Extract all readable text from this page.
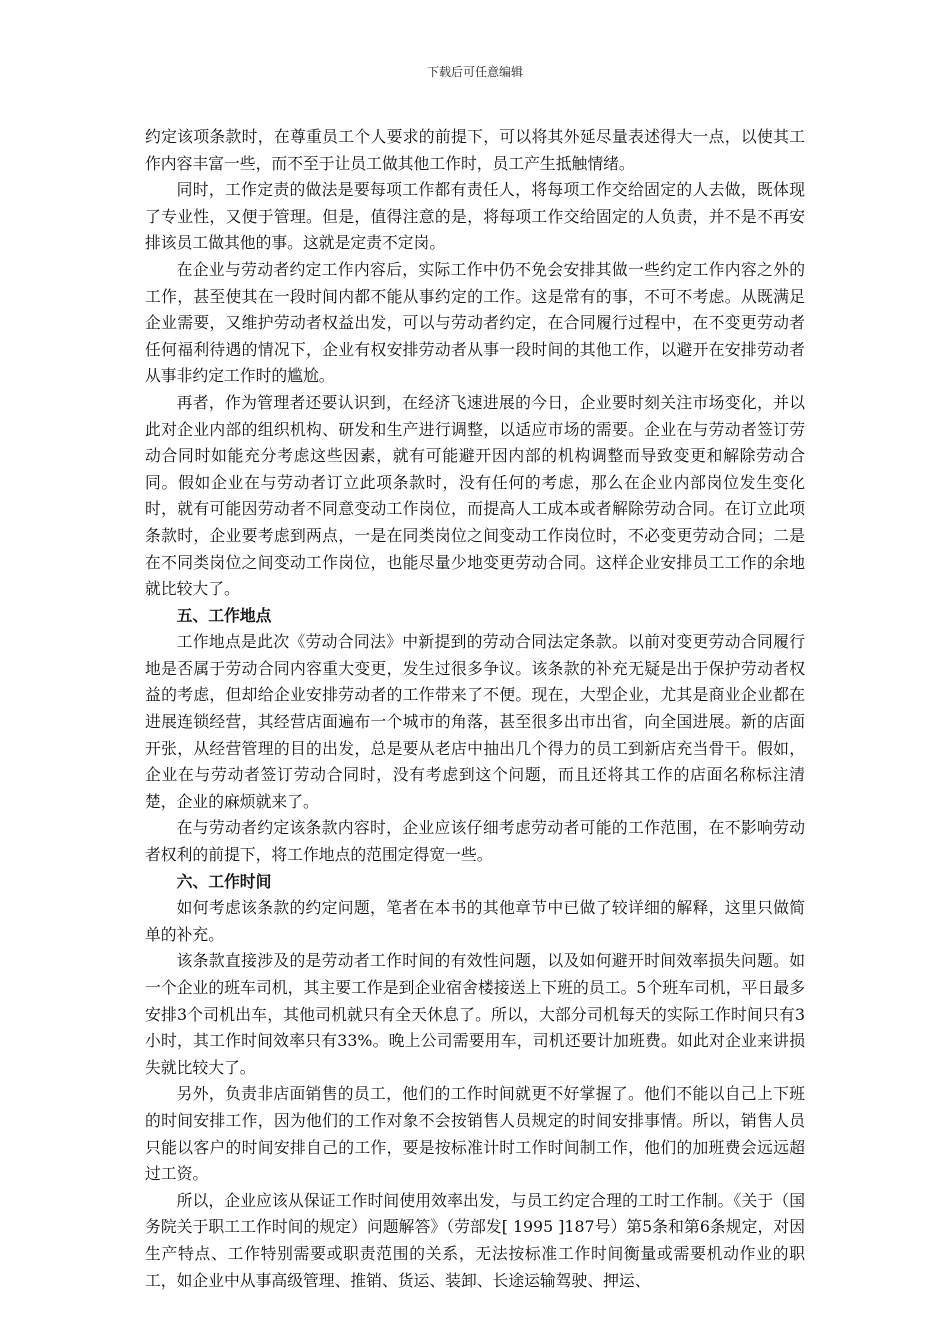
下载后可任意编辑

约定该项条款时，在尊重员工个人要求的前提下，可以将其外延尽量表述得大一点，以使其工作内容丰富一些，而不至于让员工做其他工作时，员工产生抵触情绪。

同时，工作定责的做法是要每项工作都有责任人，将每项工作交给固定的人去做，既体现了专业性，又便于管理。但是，值得注意的是，将每项工作交给固定的人负责，并不是不再安排该员工做其他的事。这就是定责不定岗。

在企业与劳动者约定工作内容后，实际工作中仍不免会安排其做一些约定工作内容之外的工作，甚至使其在一段时间内都不能从事约定的工作。这是常有的事，不可不考虑。从既满足企业需要，又维护劳动者权益出发，可以与劳动者约定，在合同履行过程中，在不变更劳动者任何福利待遇的情况下，企业有权安排劳动者从事一段时间的其他工作，以避开在安排劳动者从事非约定工作时的尴尬。

再者，作为管理者还要认识到，在经济飞速进展的今日，企业要时刻关注市场变化，并以此对企业内部的组织机构、研发和生产进行调整，以适应市场的需要。企业在与劳动者签订劳动合同时如能充分考虑这些因素，就有可能避开因内部的机构调整而导致变更和解除劳动合同。假如企业在与劳动者订立此项条款时，没有任何的考虑，那么在企业内部岗位发生变化时，就有可能因劳动者不同意变动工作岗位，而提高人工成本或者解除劳动合同。在订立此项条款时，企业要考虑到两点，一是在同类岗位之间变动工作岗位时，不必变更劳动合同；二是在不同类岗位之间变动工作岗位，也能尽量少地变更劳动合同。这样企业安排员工工作的余地就比较大了。

五、工作地点

工作地点是此次《劳动合同法》中新提到的劳动合同法定条款。以前对变更劳动合同履行地是否属于劳动合同内容重大变更，发生过很多争议。该条款的补充无疑是出于保护劳动者权益的考虑，但却给企业安排劳动者的工作带来了不便。现在，大型企业，尤其是商业企业都在进展连锁经营，其经营店面遍布一个城市的角落，甚至很多出市出省，向全国进展。新的店面开张，从经营管理的目的出发，总是要从老店中抽出几个得力的员工到新店充当骨干。假如，企业在与劳动者签订劳动合同时，没有考虑到这个问题，而且还将其工作的店面名称标注清楚，企业的麻烦就来了。

在与劳动者约定该条款内容时，企业应该仔细考虑劳动者可能的工作范围，在不影响劳动者权利的前提下，将工作地点的范围定得宽一些。

六、工作时间

如何考虑该条款的约定问题，笔者在本书的其他章节中已做了较详细的解释，这里只做简单的补充。

该条款直接涉及的是劳动者工作时间的有效性问题，以及如何避开时间效率损失问题。如一个企业的班车司机，其主要工作是到企业宿舍楼接送上下班的员工。5个班车司机，平日最多安排3个司机出车，其他司机就只有全天休息了。所以，大部分司机每天的实际工作时间只有3小时，其工作时间效率只有33%。晚上公司需要用车，司机还要计加班费。如此对企业来讲损失就比较大了。

另外，负责非店面销售的员工，他们的工作时间就更不好掌握了。他们不能以自己上下班的时间安排工作，因为他们的工作对象不会按销售人员规定的时间安排事情。所以，销售人员只能以客户的时间安排自己的工作，要是按标准计时工作时间制工作，他们的加班费会远远超过工资。

所以，企业应该从保证工作时间使用效率出发，与员工约定合理的工时工作制。《关于（国务院关于职工工作时间的规定）问题解答》（劳部发[ 1995 ]187号）第5条和第6条规定，对因生产特点、工作特别需要或职责范围的关系，无法按标准工作时间衡量或需要机动作业的职工，如企业中从事高级管理、推销、货运、装卸、长途运输驾驶、押运、
